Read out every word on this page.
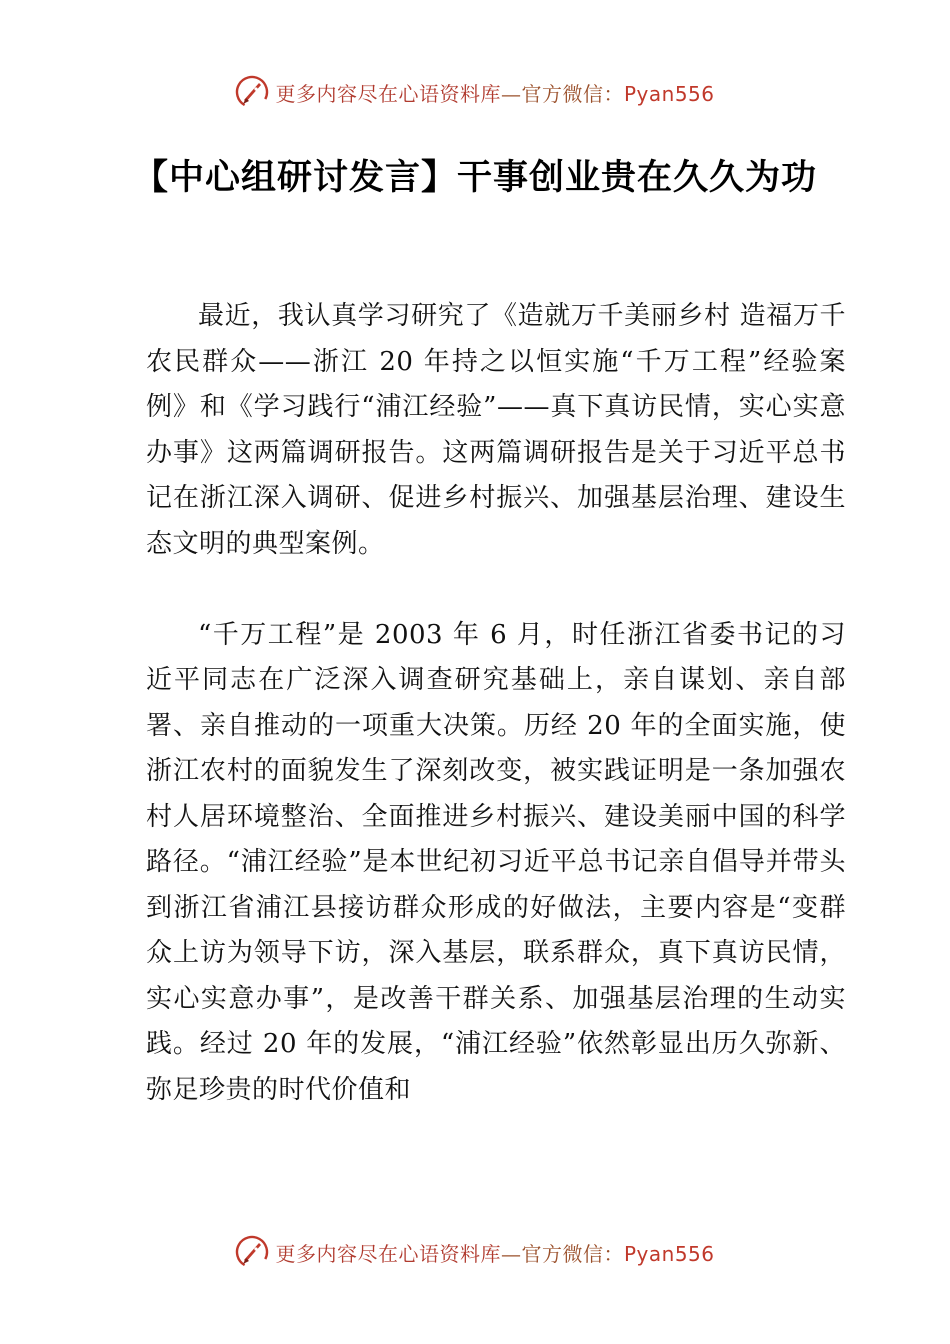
更多内容尽在心语资料库—官方微信：Pyan556
【中心组研讨发言】干事创业贵在久久为功

最近，我认真学习研究了《造就万千美丽乡村 造福万千农民群众——浙江 20 年持之以恒实施“千万工程”经验案例》和《学习践行“浦江经验”——真下真访民情，实心实意办事》这两篇调研报告。这两篇调研报告是关于习近平总书记在浙江深入调研、促进乡村振兴、加强基层治理、建设生态文明的典型案例。

“千万工程”是 2003 年 6 月，时任浙江省委书记的习近平同志在广泛深入调查研究基础上，亲自谋划、亲自部署、亲自推动的一项重大决策。历经 20 年的全面实施，使浙江农村的面貌发生了深刻改变，被实践证明是一条加强农村人居环境整治、全面推进乡村振兴、建设美丽中国的科学路径。“浦江经验”是本世纪初习近平总书记亲自倡导并带头到浙江省浦江县接访群众形成的好做法，主要内容是“变群众上访为领导下访，深入基层，联系群众，真下真访民情，实心实意办事”，是改善干群关系、加强基层治理的生动实践。经过 20 年的发展，“浦江经验”依然彰显出历久弥新、弥足珍贵的时代价值和

更多内容尽在心语资料库—官方微信：Pyan556
